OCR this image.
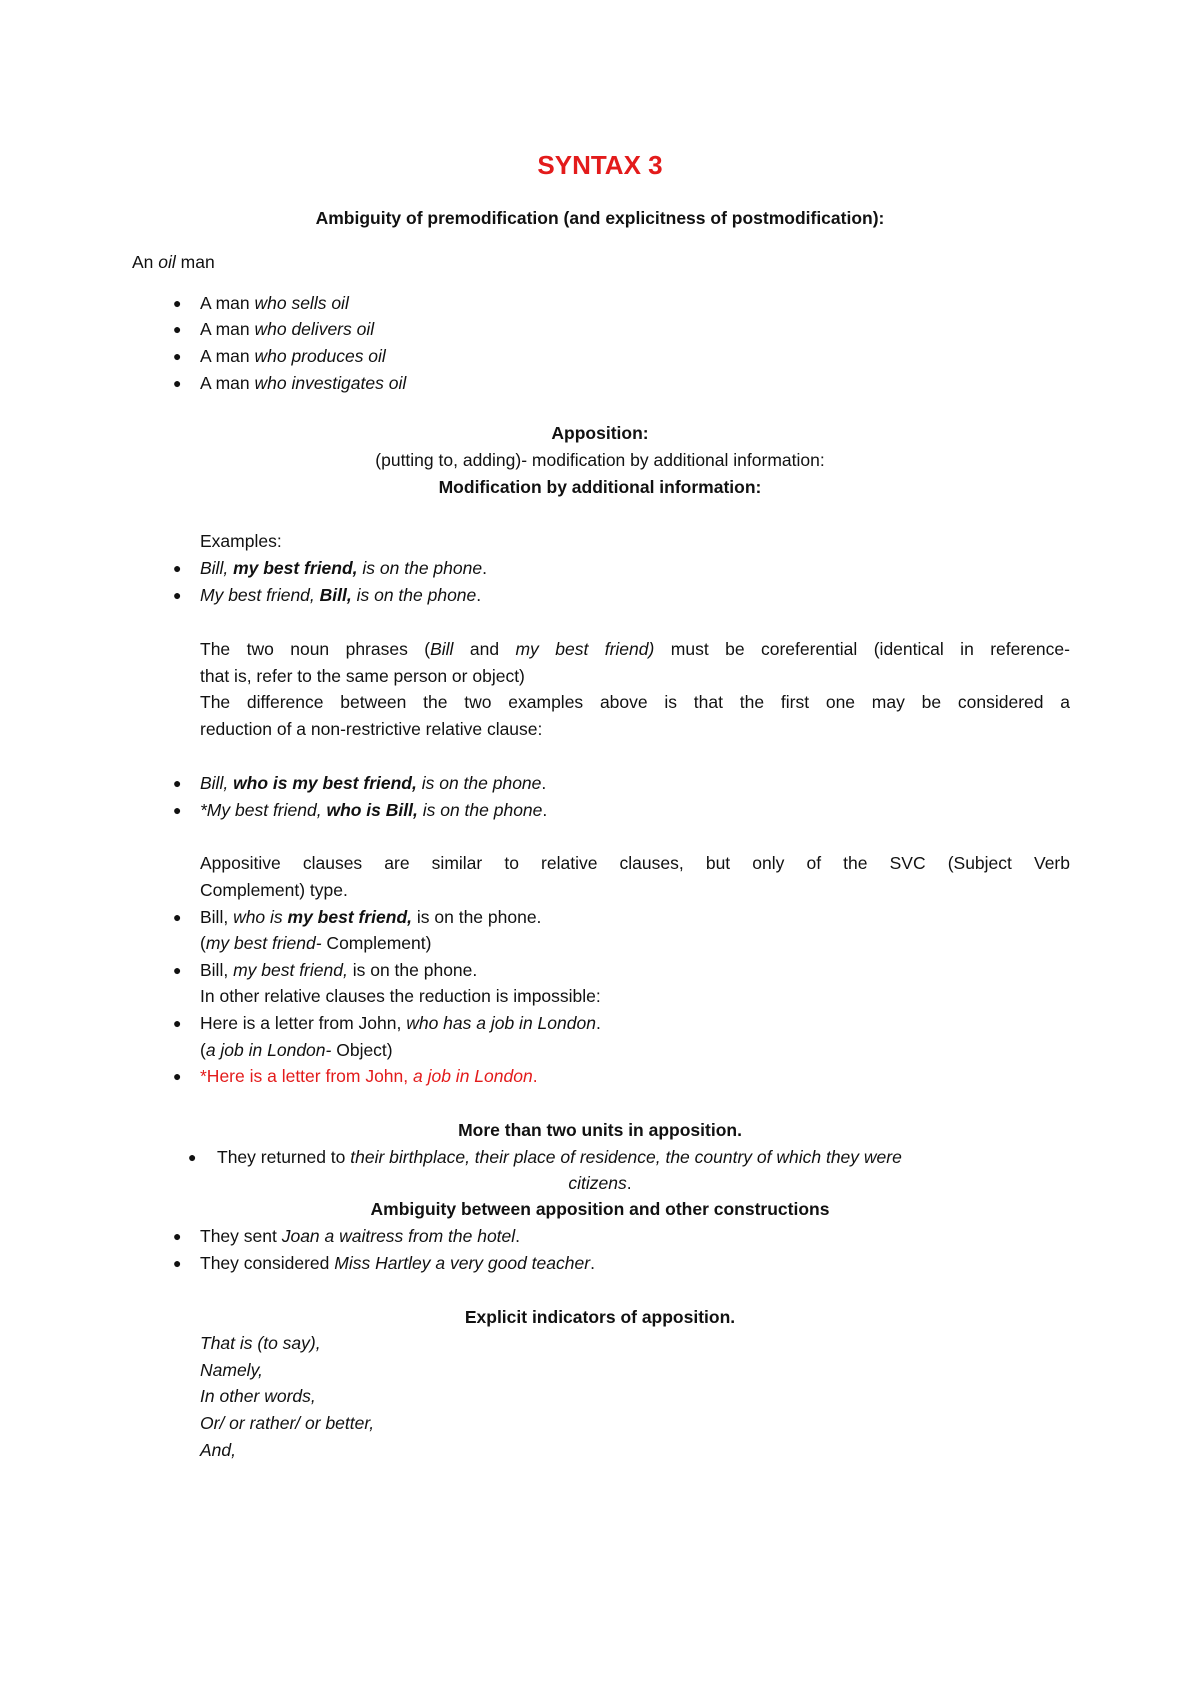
SYNTAX 3
Ambiguity of premodification (and explicitness of postmodification):
An oil man
● A man who sells oil
● A man who delivers oil
● A man who produces oil
● A man who investigates oil
Apposition:
(putting to, adding)- modification by additional information:
Modification by additional information:
Examples:
● Bill, my best friend, is on the phone.
● My best friend, Bill, is on the phone.
The two noun phrases (Bill and my best friend) must be coreferential (identical in reference-
that is, refer to the same person or object)
The difference between the two examples above is that the first one may be considered a
reduction of a non-restrictive relative clause:
● Bill, who is my best friend, is on the phone.
● *My best friend, who is Bill, is on the phone.
Appositive clauses are similar to relative clauses, but only of the SVC (Subject Verb
Complement) type.
● Bill, who is my best friend, is on the phone.
(my best friend- Complement)
● Bill, my best friend, is on the phone.
In other relative clauses the reduction is impossible:
● Here is a letter from John, who has a job in London.
(a job in London- Object)
● *Here is a letter from John, a job in London.
More than two units in apposition.
● They returned to their birthplace, their place of residence, the country of which they were
citizens.
Ambiguity between apposition and other constructions
● They sent Joan a waitress from the hotel.
● They considered Miss Hartley a very good teacher.
Explicit indicators of apposition.
That is (to say),
Namely,
In other words,
Or/ or rather/ or better,
And,
